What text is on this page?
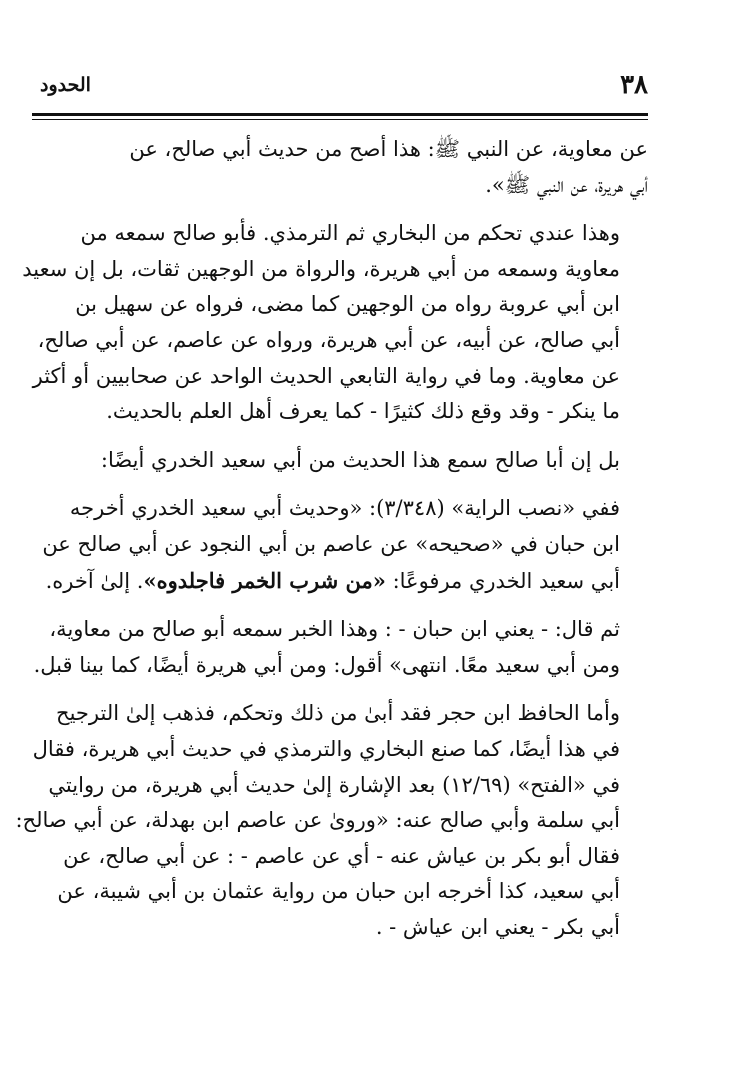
٣٨
الحدود

عن معاوية، عن النبي ﷺ: هذا أصح من حديث أبي صالح، عن
أبي هريرة، عن النبي ﷺ».

وهذا عندي تحكم من البخاري ثم الترمذي. فأبو صالح سمعه من
معاوية وسمعه من أبي هريرة، والرواة من الوجهين ثقات، بل إن سعيد
ابن أبي عروبة رواه من الوجهين كما مضى، فرواه عن سهيل بن
أبي صالح، عن أبيه، عن أبي هريرة، ورواه عن عاصم، عن أبي صالح،
عن معاوية. وما في رواية التابعي الحديث الواحد عن صحابيين أو أكثر
ما ينكر - وقد وقع ذلك كثيرًا - كما يعرف أهل العلم بالحديث.

بل إن أبا صالح سمع هذا الحديث من أبي سعيد الخدري أيضًا:

ففي «نصب الراية» (٣/٣٤٨): «وحديث أبي سعيد الخدري أخرجه
ابن حبان في «صحيحه» عن عاصم بن أبي النجود عن أبي صالح عن
أبي سعيد الخدري مرفوعًا: «من شرب الخمر فاجلدوه». إلىٰ آخره.

ثم قال: - يعني ابن حبان - : وهذا الخبر سمعه أبو صالح من معاوية،
ومن أبي سعيد معًا. انتهى» أقول: ومن أبي هريرة أيضًا، كما بينا قبل.

وأما الحافظ ابن حجر فقد أبىٰ من ذلك وتحكم، فذهب إلىٰ الترجيح
في هذا أيضًا، كما صنع البخاري والترمذي في حديث أبي هريرة، فقال
في «الفتح» (١٢/٦٩) بعد الإشارة إلىٰ حديث أبي هريرة، من روايتي
أبي سلمة وأبي صالح عنه: «ورویٰ عن عاصم ابن بهدلة، عن أبي صالح:
فقال أبو بكر بن عياش عنه - أي عن عاصم - : عن أبي صالح، عن
أبي سعيد، كذا أخرجه ابن حبان من رواية عثمان بن أبي شيبة، عن
أبي بكر - يعني ابن عياش - .
